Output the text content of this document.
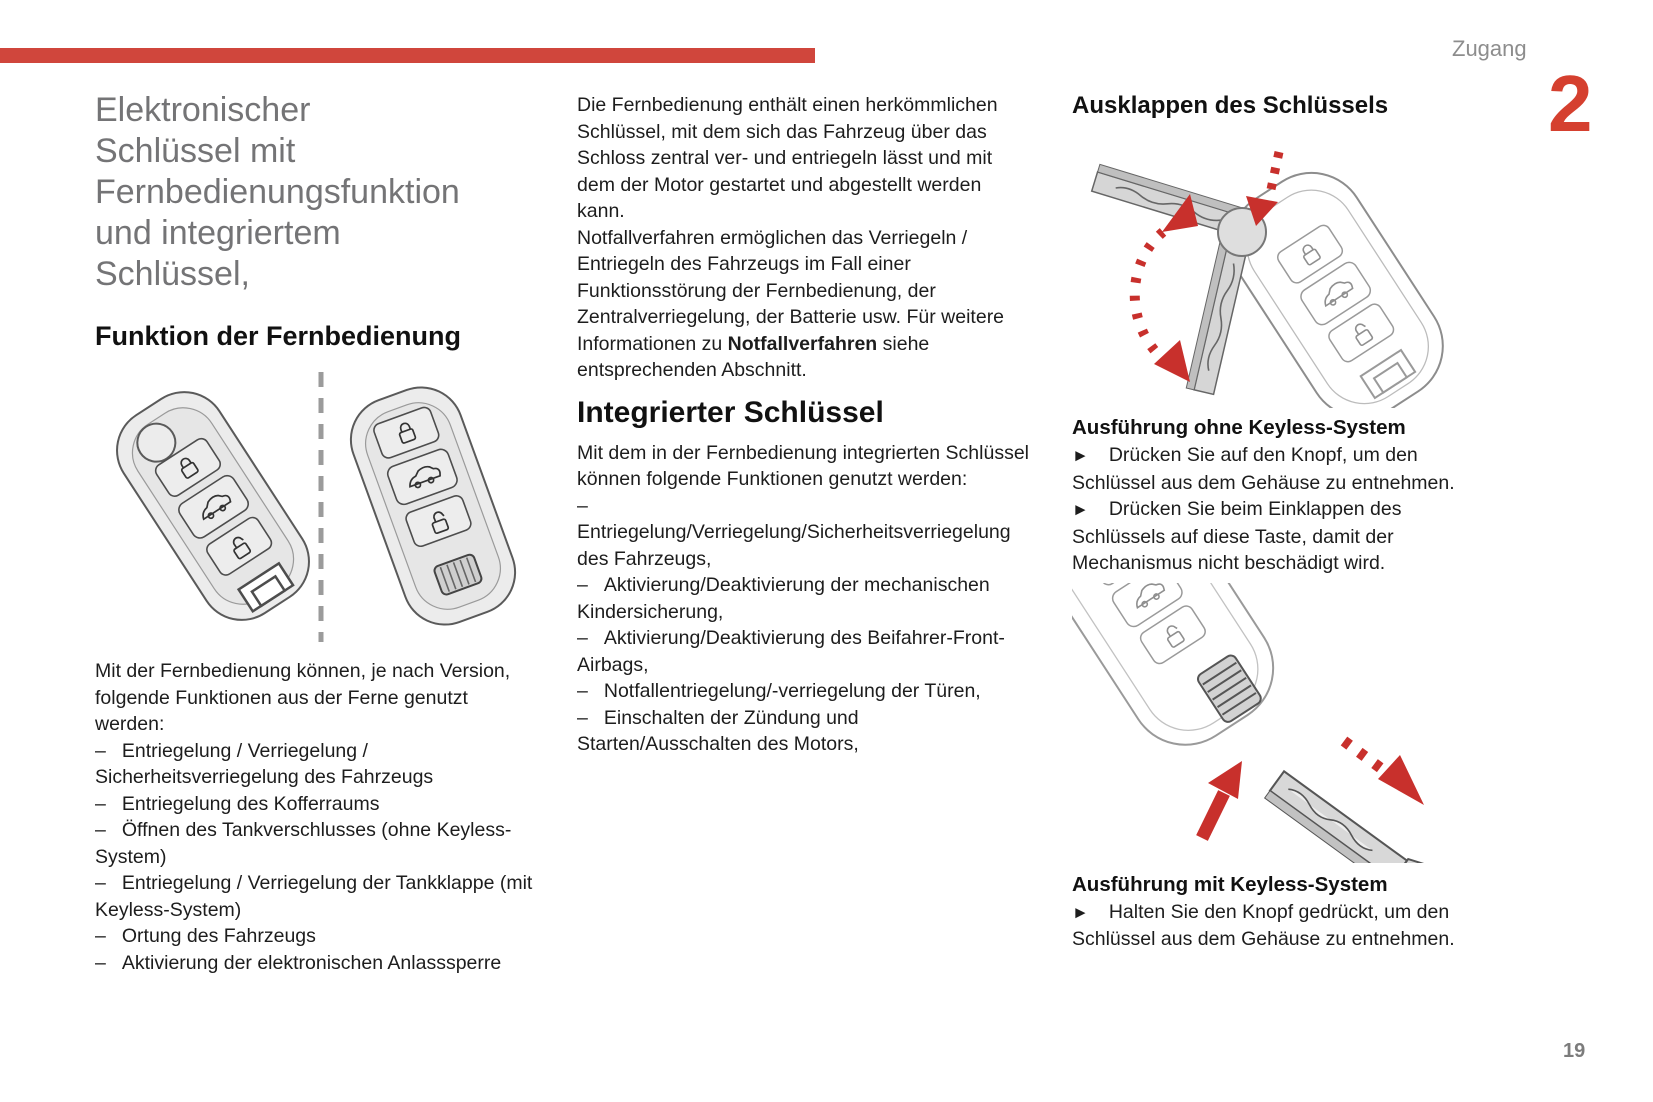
Zugang
2
Elektronischer
Schlüssel mit
Fernbedienungsfunktion
und integriertem
Schlüssel,
Funktion der Fernbedienung

Mit der Fernbedienung können, je nach Version, folgende Funktionen aus der Ferne genutzt werden:

– Entriegelung / Verriegelung / Sicherheitsverriegelung des Fahrzeugs

– Entriegelung des Kofferraums

– Öffnen des Tankverschlusses (ohne Keyless-System)

– Entriegelung / Verriegelung der Tankklappe (mit Keyless-System)

– Ortung des Fahrzeugs

– Aktivierung der elektronischen Anlasssperre

Die Fernbedienung enthält einen herkömmlichen Schlüssel, mit dem sich das Fahrzeug über das Schloss zentral ver- und entriegeln lässt und mit dem der Motor gestartet und abgestellt werden kann.

Notfallverfahren ermöglichen das Verriegeln / Entriegeln des Fahrzeugs im Fall einer Funktionsstörung der Fernbedienung, der Zentralverriegelung, der Batterie usw. Für weitere Informationen zu Notfallverfahren siehe entsprechenden Abschnitt.

Integrierter Schlüssel

Mit dem in der Fernbedienung integrierten Schlüssel können folgende Funktionen genutzt werden:

–Entriegelung/Verriegelung/Sicherheitsverriegelung des Fahrzeugs,

– Aktivierung/Deaktivierung der mechanischen Kindersicherung,

– Aktivierung/Deaktivierung des Beifahrer-Front-Airbags,

– Notfallentriegelung/-verriegelung der Türen,

– Einschalten der Zündung und Starten/Ausschalten des Motors,

Ausklappen des Schlüssels
Ausführung ohne Keyless-System

► Drücken Sie auf den Knopf, um den Schlüssel aus dem Gehäuse zu entnehmen.

► Drücken Sie beim Einklappen des Schlüssels auf diese Taste, damit der Mechanismus nicht beschädigt wird.

Ausführung mit Keyless-System

► Halten Sie den Knopf gedrückt, um den Schlüssel aus dem Gehäuse zu entnehmen.

19
